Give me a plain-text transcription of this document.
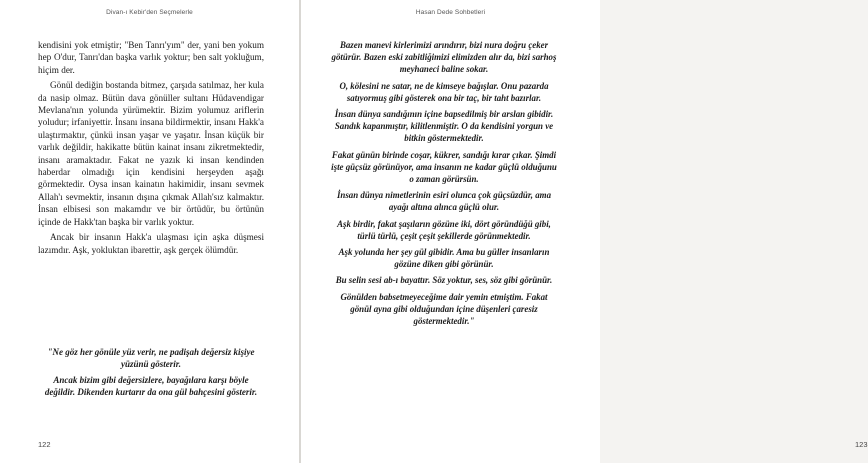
Divan-ı Kebir'den Seçmelerle

kendisini yok etmiştir; "Ben Tanrı'yım" der, yani ben yokum hep O'dur, Tanrı'dan başka varlık yoktur; ben salt yokluğum, hiçim der.

Gönül dediğin bostanda bitmez, çarşıda satılmaz, her kula da nasip olmaz. Bütün dava gönüller sultanı Hüdavendigar Mevlana'nın yolunda yürümektir. Bizim yolumuz ariflerin yoludur; irfaniyettir. İnsanı insana bildirmektir, insanı Hakk'a ulaştırmaktır, çünkü insan yaşar ve yaşatır. İnsan küçük bir varlık değildir, hakikatte bütün kainat insanı zikretmektedir, insanı aramaktadır. Fakat ne yazık ki insan kendinden haberdar olmadığı için kendisini herşeyden aşağı görmektedir. Oysa insan kainatın hakimidir, insanı sevmek Allah'ı sevmektir, insanın dışına çıkmak Allah'sız kalmaktır. İnsan elbisesi son makamdır ve bir örtüdür, bu örtünün içinde de Hakk'tan başka bir varlık yoktur.

Ancak bir insanın Hakk'a ulaşması için aşka düşmesi lazımdır. Aşk, yokluktan ibarettir, aşk gerçek ölümdür.

"Ne göz her gönüle yüz verir, ne padişah değersiz kişiye yüzünü gösterir.

Ancak bizim gibi değersizlere, bayağılara karşı böyle değildir. Dikenden kurtarır da ona gül bahçesini gösterir.

122
Hasan Dede Sohbetleri
123

Bazen manevi kirlerimizi arındırır, bizi nura doğru çeker götürür. Bazen eski zabitliğimizi elimizden alır da, bizi sarhoş meyhaneci baline sokar.

O, kölesini ne satar, ne de kimseye bağışlar. Onu pazarda satıyormuş gibi gösterek ona bir taç, bir taht bazırlar.

İnsan dünya sandığının içine bapsedilmiş bir arslan gibidir. Sandık kapanmıştır, kilitlenmiştir. O da kendisini yorgun ve bitkin göstermektedir.

Fakat günün birinde coşar, kükrer, sandığı kırar çıkar. Şimdi işte güçsüz görünüyor, ama insanın ne kadar güçlü olduğunu o zaman görürsün.

İnsan dünya nimetlerinin esiri olunca çok güçsüzdür, ama ayağı altına alınca güçlü olur.

Aşk birdir, fakat şaşıların gözüne iki, dört göründüğü gibi, türlü türlü, çeşit çeşit şekillerde görünmektedir.

Aşk yolunda her şey gül gibidir. Ama bu güller insanların gözüne diken gibi görünür.

Bu selin sesi ab-ı bayattır. Söz yoktur, ses, söz gibi görünür.

Gönülden babsetmeyeceğime dair yemin etmiştim. Fakat gönül ayna gibi olduğundan içine düşenleri çaresiz göstermektedir."
